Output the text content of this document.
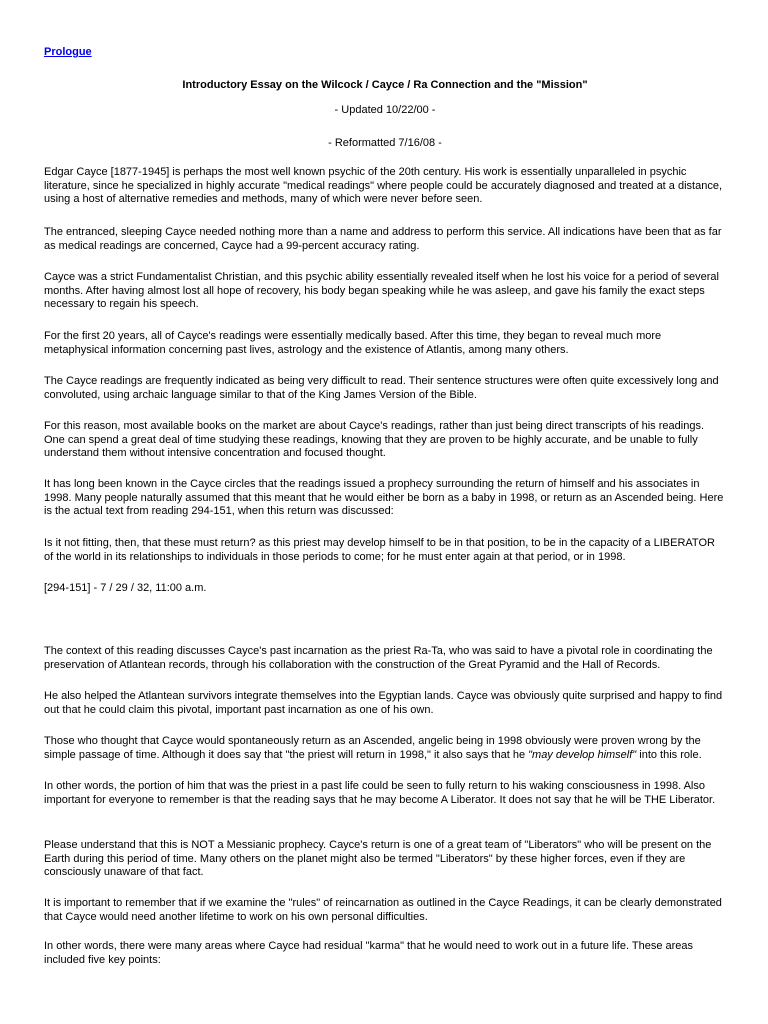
Prologue
Introductory Essay on the Wilcock / Cayce / Ra Connection and the "Mission"
- Updated 10/22/00 -
- Reformatted 7/16/08 -

Edgar Cayce [1877-1945] is perhaps the most well known psychic of the 20th century. His work is essentially unparalleled in psychic literature, since he specialized in highly accurate "medical readings" where people could be accurately diagnosed and treated at a distance, using a host of alternative remedies and methods, many of which were never before seen.

The entranced, sleeping Cayce needed nothing more than a name and address to perform this service. All indications have been that as far as medical readings are concerned, Cayce had a 99-percent accuracy rating.

Cayce was a strict Fundamentalist Christian, and this psychic ability essentially revealed itself when he lost his voice for a period of several months. After having almost lost all hope of recovery, his body began speaking while he was asleep, and gave his family the exact steps necessary to regain his speech.

For the first 20 years, all of Cayce's readings were essentially medically based. After this time, they began to reveal much more metaphysical information concerning past lives, astrology and the existence of Atlantis, among many others.

The Cayce readings are frequently indicated as being very difficult to read. Their sentence structures were often quite excessively long and convoluted, using archaic language similar to that of the King James Version of the Bible.

For this reason, most available books on the market are about Cayce's readings, rather than just being direct transcripts of his readings. One can spend a great deal of time studying these readings, knowing that they are proven to be highly accurate, and be unable to fully understand them without intensive concentration and focused thought.

It has long been known in the Cayce circles that the readings issued a prophecy surrounding the return of himself and his associates in 1998. Many people naturally assumed that this meant that he would either be born as a baby in 1998, or return as an Ascended being. Here is the actual text from reading 294-151, when this return was discussed:

Is it not fitting, then, that these must return? as this priest may develop himself to be in that position, to be in the capacity of a LIBERATOR of the world in its relationships to individuals in those periods to come; for he must enter again at that period, or in 1998.

[294-151] - 7 / 29 / 32, 11:00 a.m.

The context of this reading discusses Cayce's past incarnation as the priest Ra-Ta, who was said to have a pivotal role in coordinating the preservation of Atlantean records, through his collaboration with the construction of the Great Pyramid and the Hall of Records.

He also helped the Atlantean survivors integrate themselves into the Egyptian lands. Cayce was obviously quite surprised and happy to find out that he could claim this pivotal, important past incarnation as one of his own.

Those who thought that Cayce would spontaneously return as an Ascended, angelic being in 1998 obviously were proven wrong by the simple passage of time. Although it does say that "the priest will return in 1998," it also says that he "may develop himself" into this role.

In other words, the portion of him that was the priest in a past life could be seen to fully return to his waking consciousness in 1998. Also important for everyone to remember is that the reading says that he may become A Liberator. It does not say that he will be THE Liberator.

Please understand that this is NOT a Messianic prophecy. Cayce's return is one of a great team of "Liberators" who will be present on the Earth during this period of time. Many others on the planet might also be termed "Liberators" by these higher forces, even if they are consciously unaware of that fact.

It is important to remember that if we examine the "rules" of reincarnation as outlined in the Cayce Readings, it can be clearly demonstrated that Cayce would need another lifetime to work on his own personal difficulties.

In other words, there were many areas where Cayce had residual "karma" that he would need to work out in a future life. These areas included five key points:
